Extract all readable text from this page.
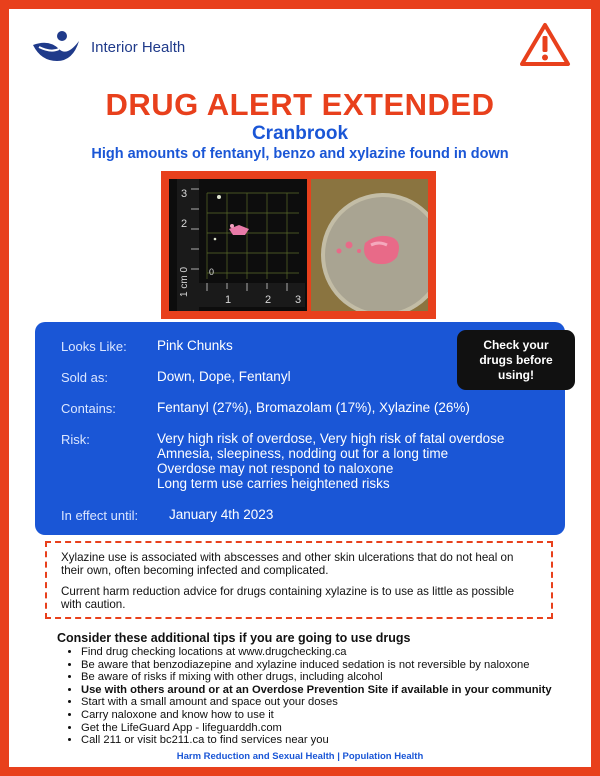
Interior Health
DRUG ALERT EXTENDED
Cranbrook
High amounts of fentanyl, benzo and xylazine found in down
3
2
1 cm 0 0
1	2 3
Looks Like: Pink Chunks
Sold as:	Down, Dope, Fentanyl
Contains:	Fentanyl (27%), Bromazolam (17%), Xylazine (26%)
Risk:	Very high risk of overdose, Very high risk of fatal overdose
Amnesia, sleepiness, nodding out for a long time
Overdose may not respond to naloxone
Long term use carries heightened risks
In effect until: January 4th 2023
Check your
drugs before
using!

Xylazine use is associated with abscesses and other skin ulcerations that do not heal on their own, often becoming infected and complicated.

Current harm reduction advice for drugs containing xylazine is to use as little as possible with caution.

Consider these additional tips if you are going to use drugs
• Find drug checking locations at www.drugchecking.ca
• Be aware that benzodiazepine and xylazine induced sedation is not reversible by naloxone
• Be aware of risks if mixing with other drugs, including alcohol
• Use with others around or at an Overdose Prevention Site if available in your community
• Start with a small amount and space out your doses
• Carry naloxone and know how to use it
• Get the LifeGuard App - lifeguarddh.com
• Call 211 or visit bc211.ca to find services near you
Harm Reduction and Sexual Health | Population Health
